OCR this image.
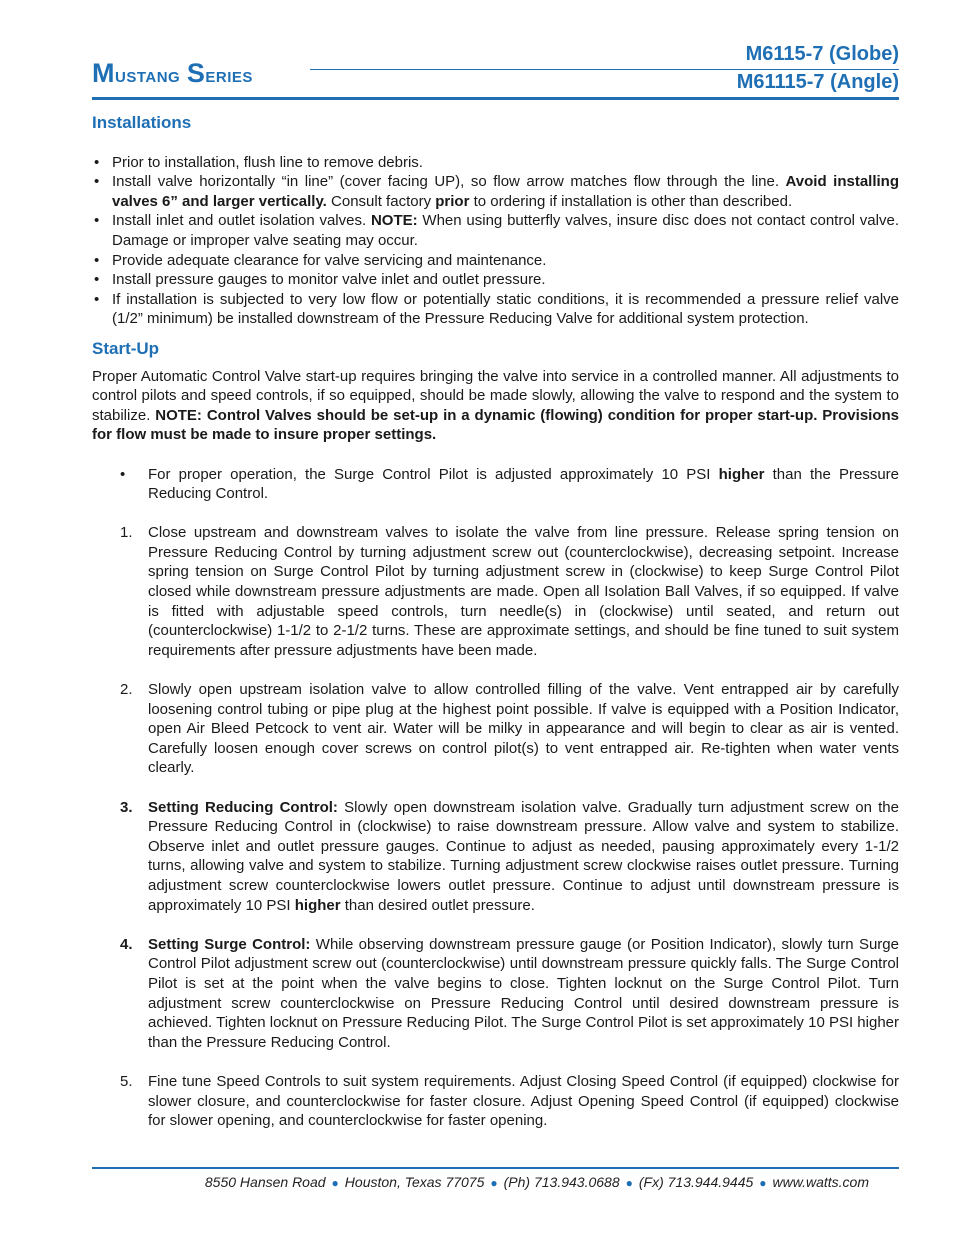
Mustang Series
M6115-7 (Globe)
M61115-7 (Angle)
Installations
• Prior to installation, flush line to remove debris.
• Install valve horizontally “in line” (cover facing UP), so flow arrow matches flow through the line. Avoid installing valves 6” and larger vertically. Consult factory prior to ordering if installation is other than described.
• Install inlet and outlet isolation valves. NOTE: When using butterfly valves, insure disc does not contact control valve. Damage or improper valve seating may occur.
• Provide adequate clearance for valve servicing and maintenance.
• Install pressure gauges to monitor valve inlet and outlet pressure.
• If installation is subjected to very low flow or potentially static conditions, it is recommended a pressure relief valve (1/2” minimum) be installed downstream of the Pressure Reducing Valve for additional system protection.
Start-Up
Proper Automatic Control Valve start-up requires bringing the valve into service in a controlled manner. All adjustments to control pilots and speed controls, if so equipped, should be made slowly, allowing the valve to respond and the system to stabilize. NOTE: Control Valves should be set-up in a dynamic (flowing) condition for proper start-up. Provisions for flow must be made to insure proper settings.
• For proper operation, the Surge Control Pilot is adjusted approximately 10 PSI higher than the Pressure Reducing Control.
1. Close upstream and downstream valves to isolate the valve from line pressure. Release spring tension on Pressure Reducing Control by turning adjustment screw out (counterclockwise), decreasing setpoint. Increase spring tension on Surge Control Pilot by turning adjustment screw in (clockwise) to keep Surge Control Pilot closed while downstream pressure adjustments are made. Open all Isolation Ball Valves, if so equipped. If valve is fitted with adjustable speed controls, turn needle(s) in (clockwise) until seated, and return out (counterclockwise) 1-1/2 to 2-1/2 turns. These are approximate settings, and should be fine tuned to suit system requirements after pressure adjustments have been made.
2. Slowly open upstream isolation valve to allow controlled filling of the valve. Vent entrapped air by carefully loosening control tubing or pipe plug at the highest point possible. If valve is equipped with a Position Indicator, open Air Bleed Petcock to vent air. Water will be milky in appearance and will begin to clear as air is vented. Carefully loosen enough cover screws on control pilot(s) to vent entrapped air. Re-tighten when water vents clearly.
3. Setting Reducing Control: Slowly open downstream isolation valve. Gradually turn adjustment screw on the Pressure Reducing Control in (clockwise) to raise downstream pressure. Allow valve and system to stabilize. Observe inlet and outlet pressure gauges. Continue to adjust as needed, pausing approximately every 1-1/2 turns, allowing valve and system to stabilize. Turning adjustment screw clockwise raises outlet pressure. Turning adjustment screw counterclockwise lowers outlet pressure. Continue to adjust until downstream pressure is approximately 10 PSI higher than desired outlet pressure.
4. Setting Surge Control: While observing downstream pressure gauge (or Position Indicator), slowly turn Surge Control Pilot adjustment screw out (counterclockwise) until downstream pressure quickly falls. The Surge Control Pilot is set at the point when the valve begins to close. Tighten locknut on the Surge Control Pilot. Turn adjustment screw counterclockwise on Pressure Reducing Control until desired downstream pressure is achieved. Tighten locknut on Pressure Reducing Pilot. The Surge Control Pilot is set approximately 10 PSI higher than the Pressure Reducing Control.
5. Fine tune Speed Controls to suit system requirements. Adjust Closing Speed Control (if equipped) clockwise for slower closure, and counterclockwise for faster closure. Adjust Opening Speed Control (if equipped) clockwise for slower opening, and counterclockwise for faster opening.
8550 Hansen Road ● Houston, Texas 77075 ● (Ph) 713.943.0688 ● (Fx) 713.944.9445 ● www.watts.com
